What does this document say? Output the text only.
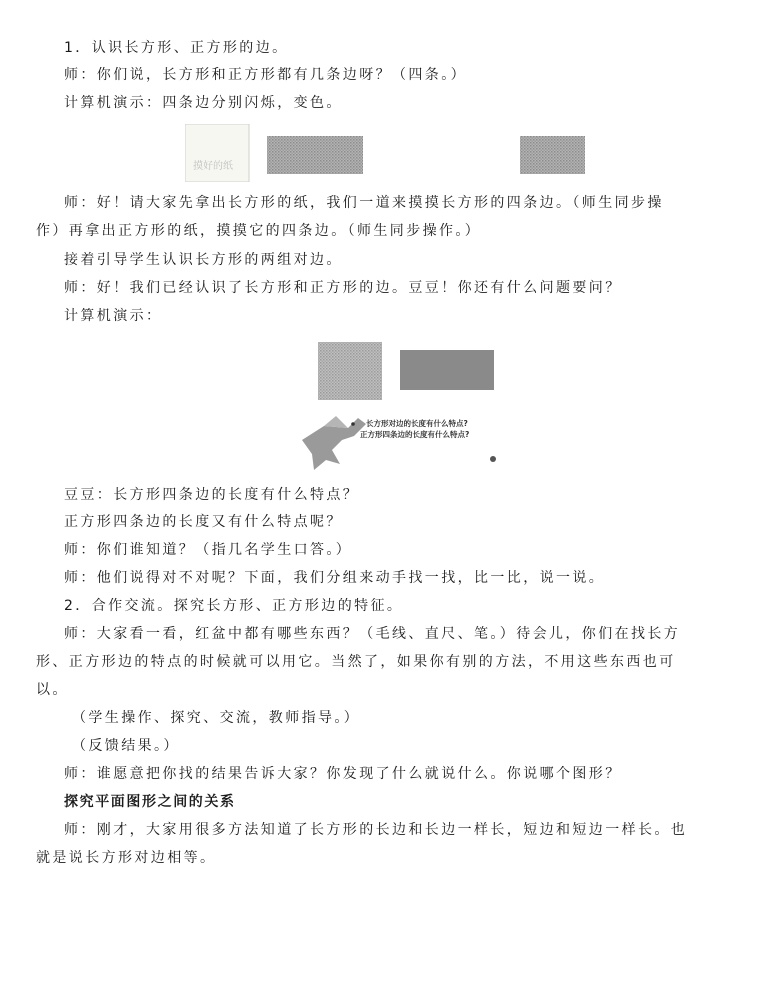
1．认识长方形、正方形的边。
师：你们说，长方形和正方形都有几条边呀？（四条。）
计算机演示：四条边分别闪烁，变色。
摸好的纸
师：好！请大家先拿出长方形的纸，我们一道来摸摸长方形的四条边。（师生同步操
作）再拿出正方形的纸，摸摸它的四条边。（师生同步操作。）
接着引导学生认识长方形的两组对边。
师：好！我们已经认识了长方形和正方形的边。豆豆！你还有什么问题要问？
计算机演示：
长方形对边的长度有什么特点?
正方形四条边的长度有什么特点?
豆豆：长方形四条边的长度有什么特点？
正方形四条边的长度又有什么特点呢？
师：你们谁知道？（指几名学生口答。）
师：他们说得对不对呢？下面，我们分组来动手找一找，比一比，说一说。
2．合作交流。探究长方形、正方形边的特征。
师：大家看一看，红盆中都有哪些东西？（毛线、直尺、笔。）待会儿，你们在找长方
形、正方形边的特点的时候就可以用它。当然了，如果你有别的方法，不用这些东西也可
以。
（学生操作、探究、交流，教师指导。）
（反馈结果。）
师：谁愿意把你找的结果告诉大家？你发现了什么就说什么。你说哪个图形？
探究平面图形之间的关系
师：刚才，大家用很多方法知道了长方形的长边和长边一样长，短边和短边一样长。也
就是说长方形对边相等。
